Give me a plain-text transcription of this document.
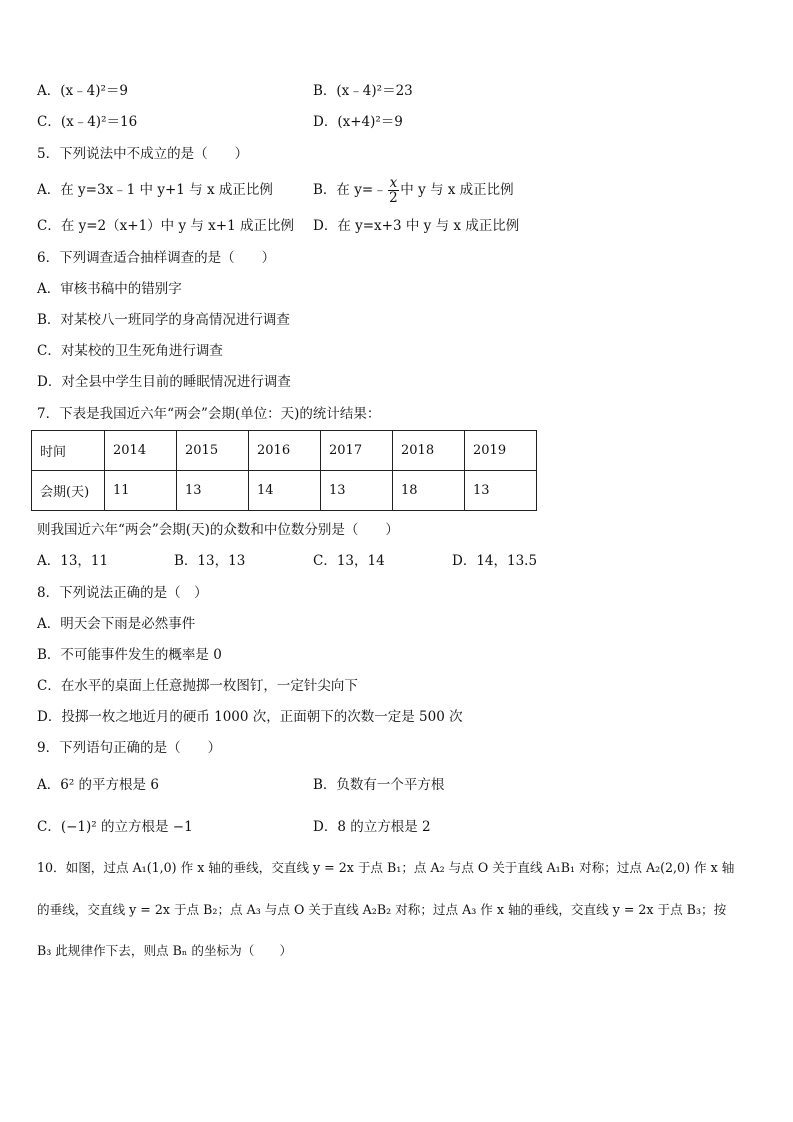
A．(x﹣4)²＝9	B．(x﹣4)²＝23
C．(x﹣4)²＝16	D．(x+4)²＝9
5．下列说法中不成立的是（　　）
A．在 y=3x﹣1 中 y+1 与 x 成正比例	B．在 y=﹣ $\frac{x}{2}$ 中 y 与 x 成正比例
C．在 y=2（x+1）中 y 与 x+1 成正比例 D．在 y=x+3 中 y 与 x 成正比例
6．下列调查适合抽样调查的是（　　）
A．审核书稿中的错别字
B．对某校八一班同学的身高情况进行调查
C．对某校的卫生死角进行调查
D．对全县中学生目前的睡眠情况进行调查
7．下表是我国近六年“两会”会期(单位：天)的统计结果：
时间	2014	2015	2016	2017	2018	2019
会期(天)	11	13	14	13	18	13
则我国近六年“两会”会期(天)的众数和中位数分别是（　　）
A．13，11	B．13，13	C．13，14	D．14，13.5
8．下列说法正确的是（　）
A．明天会下雨是必然事件
B．不可能事件发生的概率是 0
C．在水平的桌面上任意抛掷一枚图钉，一定针尖向下
D．投掷一枚之地近月的硬币 1000 次，正面朝下的次数一定是 500 次
9．下列语句正确的是（　　）
A．6² 的平方根是 6	B．负数有一个平方根
C．(−1)² 的立方根是 −1	D．8 的立方根是 2
10．如图，过点 A₁(1,0) 作 x 轴的垂线，交直线 y = 2x 于点 B₁；点 A₂ 与点 O 关于直线 A₁B₁ 对称；过点 A₂(2,0) 作 x 轴
的垂线，交直线 y = 2x 于点 B₂；点 A₃ 与点 O 关于直线 A₂B₂ 对称；过点 A₃ 作 x 轴的垂线，交直线 y = 2x 于点 B₃；按
B₃ 此规律作下去，则点 Bₙ 的坐标为（　　）
